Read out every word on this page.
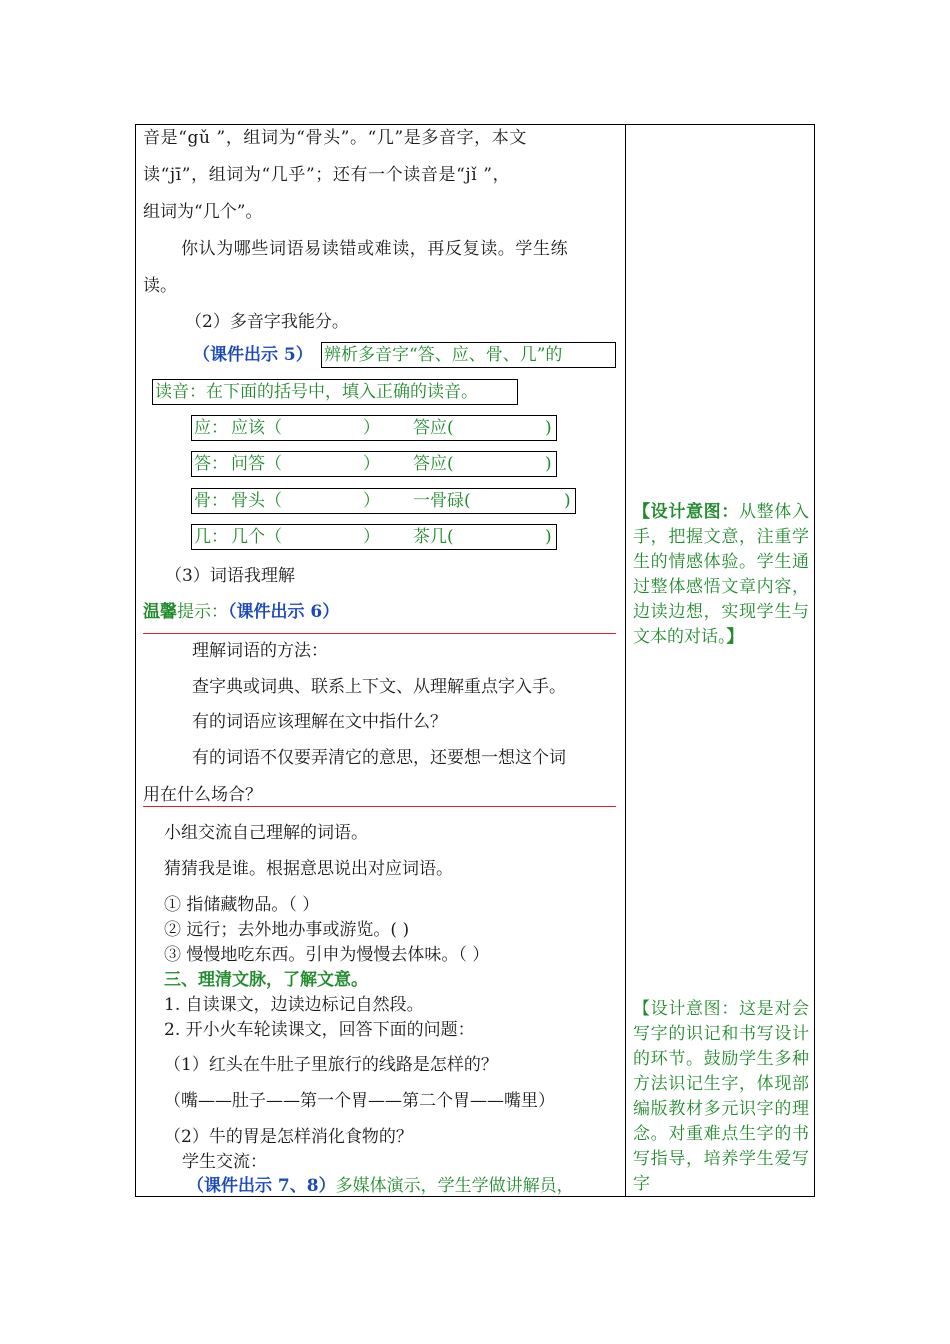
音是“gǔ ”，组词为“骨头”。“几”是多音字，本文
读“jī”，组词为“几乎”；还有一个读音是“jǐ ”，
组词为“几个”。
你认为哪些词语易读错或难读，再反复读。学生练
读。
（2）多音字我能分。
（课件出示 5） 辨析多音字“答、应、骨、几”的
读音：在下面的括号中，填入正确的读音。
应： 应该（	） 答应(	)
答： 问答（	） 答应(	)
骨： 骨头（	） 一骨碌(	)
几： 几个（	） 茶几(	)
（3）词语我理解
温馨提示：（课件出示 6）
理解词语的方法：
查字典或词典、联系上下文、从理解重点字入手。
有的词语应该理解在文中指什么？
有的词语不仅要弄清它的意思，还要想一想这个词
用在什么场合？
小组交流自己理解的词语。
猜猜我是谁。根据意思说出对应词语。
① 指储藏物品。（ ）
② 远行；去外地办事或游览。( )
③ 慢慢地吃东西。引申为慢慢去体味。（ ）
三、理清文脉，了解文意。
1. 自读课文，边读边标记自然段。
2. 开小火车轮读课文，回答下面的问题：
（1）红头在牛肚子里旅行的线路是怎样的？
（嘴——肚子——第一个胃——第二个胃——嘴里）
（2）牛的胃是怎样消化食物的？
学生交流：
（课件出示 7、8）多媒体演示，学生学做讲解员，
【设计意图：从整体入手，把握文意，注重学生的情感体验。学生通过整体感悟文章内容，边读边想，实现学生与文本的对话。】
【设计意图：这是对会写字的识记和书写设计的环节。鼓励学生多种方法识记生字，体现部编版教材多元识字的理念。对重难点生字的书写指导，培养学生爱写字
